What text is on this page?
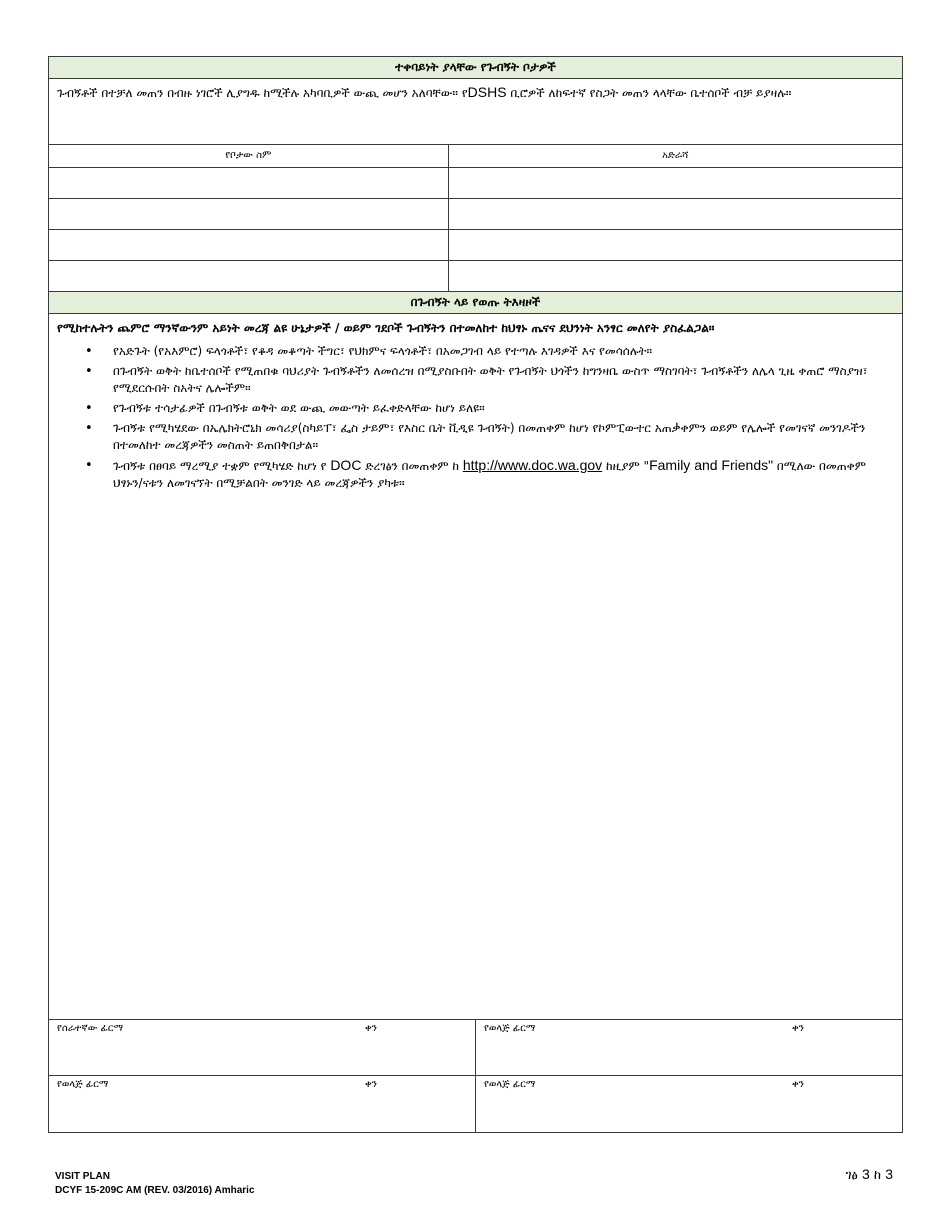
ተቀባይነት ያላቸው የጉብኝት ቦታዎች
ጉብኝቶች በተቻለ መጠን በብዙ ነገሮች ሊያግዱ ከሚችሉ አካባቢዎች ውጪ መሆን አለባቸው። የDSHS ቢሮዎች ለከፍተኛ የስጋት መጠን ላላቸው ቤተሰቦች ብቻ ይያዛሉ።
የቦታው ስም	አድራሻ

በጉብኝት ላይ የወጡ ትእዛዞች
የሚከተሉትን ጨምሮ ማንኛውንም አይነት መረጃ ልዩ ሁኔታዎች / ወይም ገደቦች ጉብኝትን በተመለከተ ከህፃኑ ጤናና ደህንነት አንፃር መለየት ያስፈልጋል።
• የአድጉት (የአእምሮ) ፍላጎቶች፣ የቆዳ መቆጣት ችግር፣ የህክምና ፍላጎቶች፣ በአመጋገብ ላይ የተጣሉ እገዳዎች እና የመሳሰሉት።
• በጉብኝት ወቅት ከቤተሰቦች የሚጠበቁ ባህሪያት ጉብኝቶችን ለመሰረዝ በሚያስቡበት ወቅት የጉብኝት ህጎችን ከግንዛቤ ውስጥ ማስገባት፣ ጉብኝቶችን ለሌላ ጊዜ ቀጠሮ ማስያዝ፣ የሚደርሱበት ስአትና ሌሎችም።
• የጉብኝቱ ተሳታፊዎች በጉብኝቱ ወቅት ወደ ውጪ መውጣት ይፈቀድላቸው ከሆነ ይለዩ።
• ጉብኝቱ የሚካሄደው በኤሌክትሮኒክ መሳሪያ(ስካይፐ፣ ፌስ ታይም፣ የእስር ቤት ቪዲዩ ጉብኝት) በመጠቀም ከሆነ የኮምፒውተር አጠቃቀምን ወይም የሌሎች የመገናኛ መንገዶችን በተመለከተ መረጃዎችን መስጠት ይጠበቅበታል።
• ጉብኝቱ በፀባይ ማረሚያ ተቋም የሚካሄድ ከሆነ የ DOC ድረገፅን በመጠቀም ከ http://www.doc.wa.gov ከዚያም "Family and Friends" በሚለው በመጠቀም ህፃኑን/ናቱን ለመገናኘት በሚቻልበት መንገድ ላይ መረጃዎችን ያካቱ።
የሰራተኛው ፊርማ	ቀን	የወላጅ ፊርማ	ቀን
የወላጅ ፊርማ	ቀን	የወላጅ ፊርማ	ቀን
VISIT PLAN
DCYF 15-209C AM (REV. 03/2016) Amharic
ገፅ 3 ከ 3
